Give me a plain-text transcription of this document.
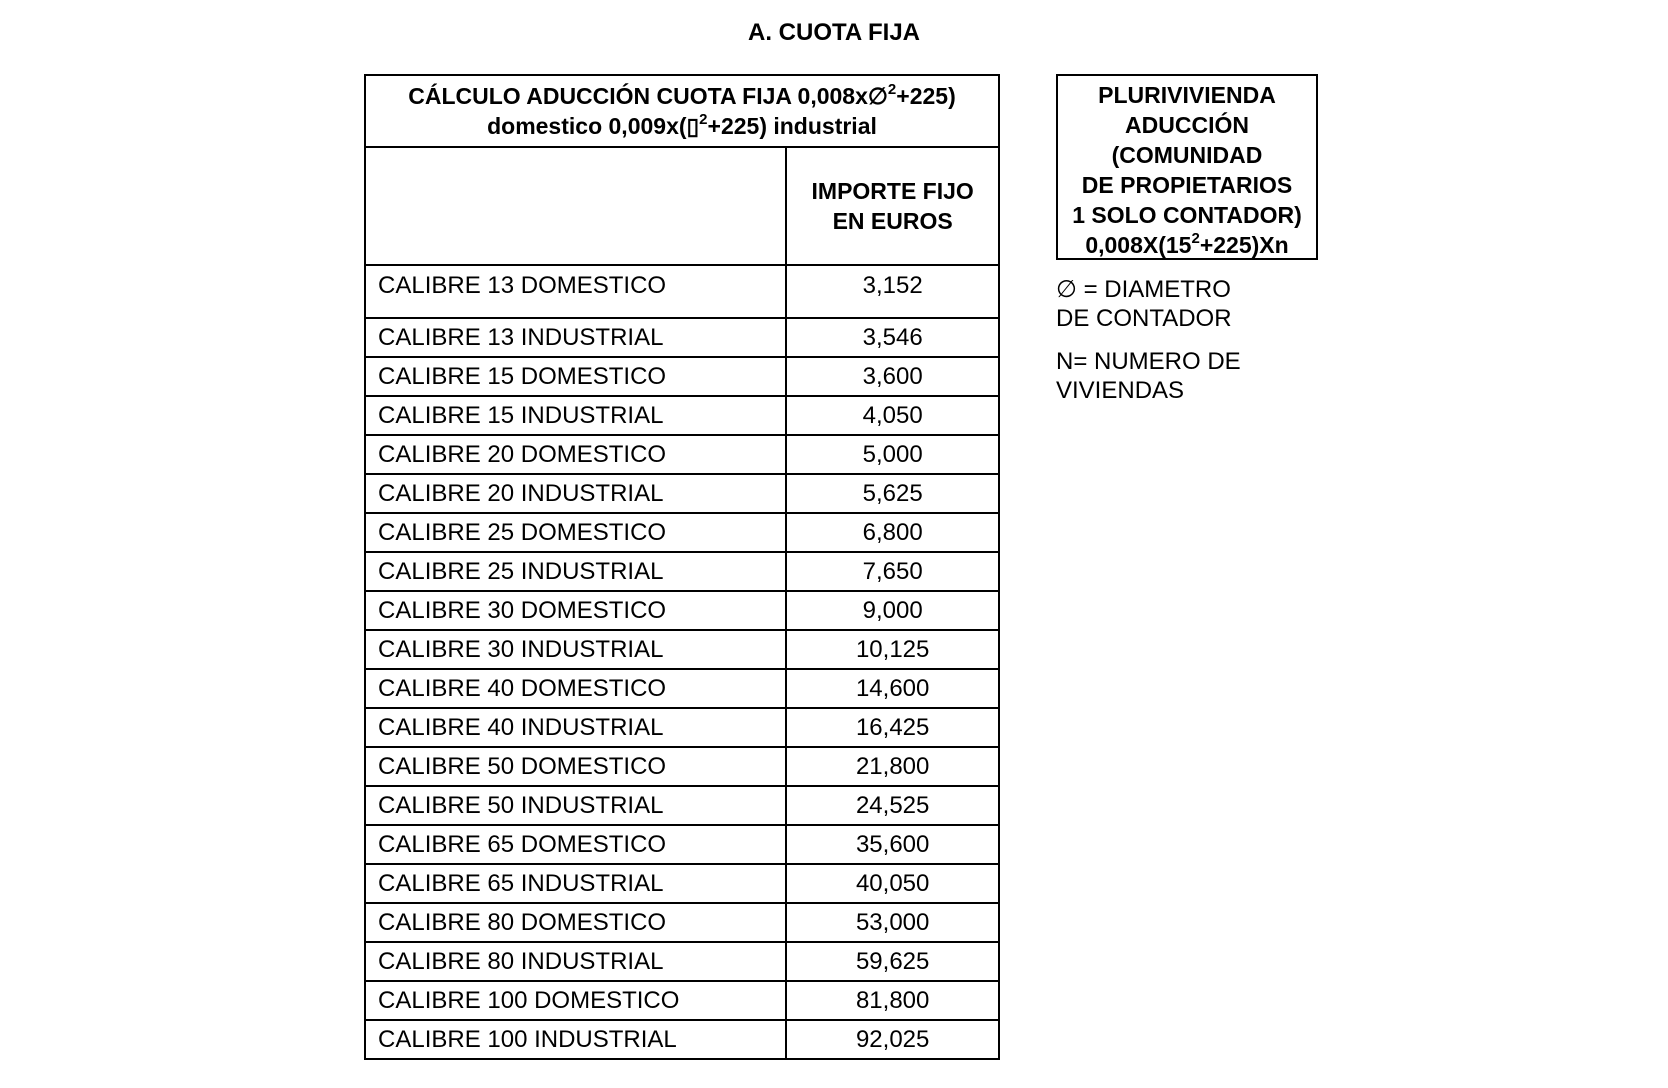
A. CUOTA FIJA
CÁLCULO ADUCCIÓN CUOTA FIJA 0,008x∅$^2$+225)
domestico 0,009x(▯$^2$+225) industrial	
	IMPORTE FIJO
EN EUROS
CALIBRE 13 DOMESTICO	3,152
CALIBRE 13 INDUSTRIAL	3,546
CALIBRE 15 DOMESTICO	3,600
CALIBRE 15 INDUSTRIAL	4,050
CALIBRE 20 DOMESTICO	5,000
CALIBRE 20 INDUSTRIAL	5,625
CALIBRE 25 DOMESTICO	6,800
CALIBRE 25 INDUSTRIAL	7,650
CALIBRE 30 DOMESTICO	9,000
CALIBRE 30 INDUSTRIAL	10,125
CALIBRE 40 DOMESTICO	14,600
CALIBRE 40 INDUSTRIAL	16,425
CALIBRE 50 DOMESTICO	21,800
CALIBRE 50 INDUSTRIAL	24,525
CALIBRE 65 DOMESTICO	35,600
CALIBRE 65 INDUSTRIAL	40,050
CALIBRE 80 DOMESTICO	53,000
CALIBRE 80 INDUSTRIAL	59,625
CALIBRE 100 DOMESTICO	81,800
CALIBRE 100 INDUSTRIAL	92,025
PLURIVIVIENDA
ADUCCIÓN
(COMUNIDAD
DE PROPIETARIOS
1 SOLO CONTADOR)
$0,008X(15^2+225)Xn$
∅ = DIAMETRO
DE CONTADOR
N= NUMERO DE
VIVIENDAS
